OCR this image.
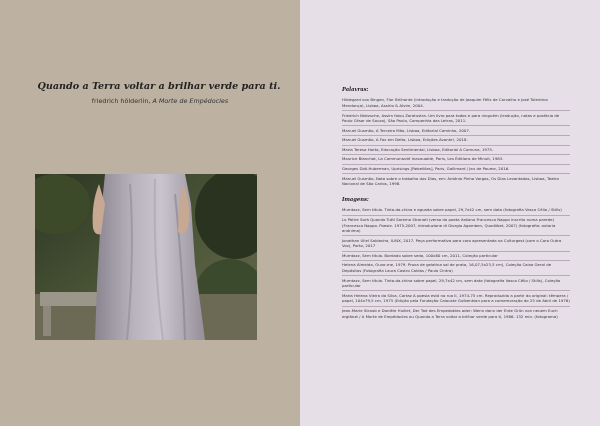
Quando a Terra voltar a brilhar verde para ti.
friedrich hölderlin, A Morte de Empédocles
Palavras:
Hildegard von Bingen, Flor Brilhante (introdução e tradução de Joaquim Félix de Carvalho e José Tolentino Mendonça), Lisboa, Assírio & Alvim, 2004.
Friedrich Nietzsche, Assim falou Zaratustra. Um livro para todos e para ninguém (tradução, notas e posfácio de Paulo César de Souza), São Paulo, Companhia das Letras, 2011.
Manuel Gusmão, A Terceira Mão, Lisboa, Editorial Caminho, 2007.
Manuel Gusmão, A Foz em Delta, Lisboa, Edições Avante!, 2018.
Maria Teresa Horta, Educação Sentimental, Lisboa, Editorial A Comuna, 1975.
Maurice Blanchot, La Communauté Inavouable, Paris, Les Éditions de Minuit, 1983.
Georges Didi-Huberman, Uprisings [Rebeliões], Paris, Gallimard / Jeu de Paume, 2016.
Manuel Gusmão, Nota sobre o trabalho dos Dias, em: António Pinho Vargas, Os Dias Levantados, Lisboa, Teatro Nacional de São Carlos, 1998.
Imagens:
Mumtazz, Sem título. Tinta-da-china e aguada sobre papel, 29,7x42 cm, sem data (fotografia Vasco Célio / Stills)
Lo Pàtire Sorà Quando Tutti Saremo Stronati (verso do poeta italiano Francesco Nappo inscrito numa parede) (Francesco Nappo. Poesie. 1975-2007, introduzione di Giorgio Agamben, Quodlibet, 2007) (fotografia: autoria anónima)
Jonathan Uliel Saldanha, ILINX, 2017. Peça performativa para coro apresentada na Culturgest (com o Coro Outra Voz), Porto, 2017
Mumtazz, Sem título. Bordado sobre seda, 100x80 cm, 2011, Coleção particular
Helena Almeida, Ouve-me, 1979. Prova de gelatina sal de prata, 16,07,5x23,5 cm), Coleção Caixa Geral de Depósitos (Fotografia Laura Castro Caldas / Paulo Cintra)
Mumtazz, Sem título. Tinta-da-china sobre papel, 29,7x42 cm, sem data (fotografia Vasco Célio / Stills), Coleção particular
Maria Helena Vieira da Silva, Cartaz A poesia está na rua II, 1974-75 cm. Reproduzido a partir do original: têmpera / papel, 104x79,5 cm, 1975 (Edição pela Fundação Calouste Gulbenkian para a comemoração do 25 de Abril de 1976)
Jean-Marie Straub e Danièle Huillet, Der Tod des Empedokles oder: Wenn dann der Erde Grün von neuem Euch erglänzt / A Morte de Empédocles ou Quando a Terra voltar a brilhar verde para ti, 1986. 132 min. (fotograma)
